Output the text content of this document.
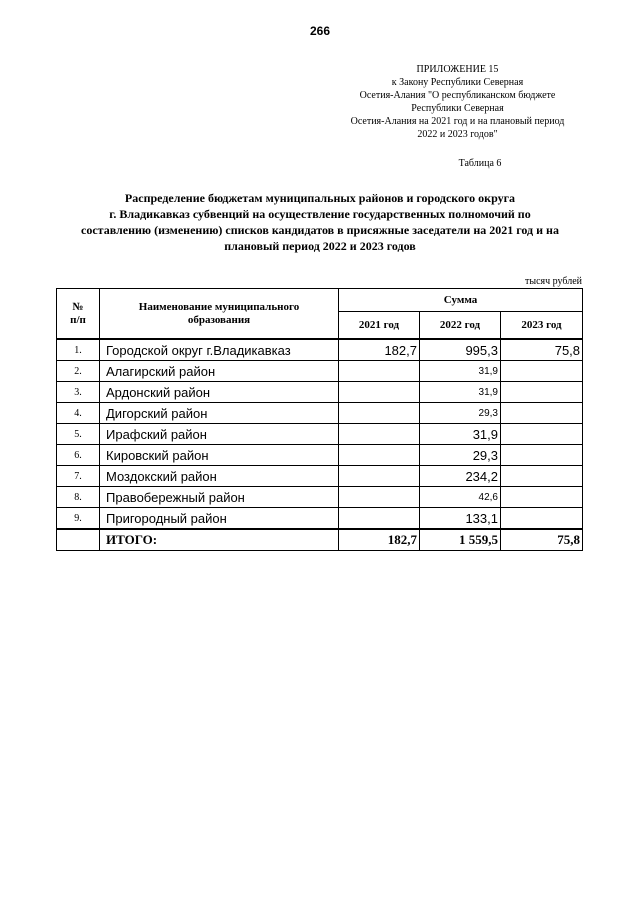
266
ПРИЛОЖЕНИЕ 15
к Закону Республики Северная
Осетия-Алания "О республиканском бюджете
Республики Северная
Осетия-Алания на 2021 год и на плановый период
2022 и 2023 годов"
Таблица 6
Распределение бюджетам муниципальных районов и городского округа
г. Владикавказ субвенций на осуществление государственных полномочий по
составлению (изменению) списков кандидатов в присяжные заседатели на 2021 год и на
плановый период 2022 и 2023 годов
тысяч рублей
№
п/п	Наименование муниципального
образования	Сумма		
		2021 год	2022 год	2023 год
1.	Городской округ г.Владикавказ	182,7	995,3	75,8
2.	Алагирский район		31,9	
3.	Ардонский район		31,9	
4.	Дигорский район		29,3	
5.	Ирафский район		31,9	
6.	Кировский район		29,3	
7.	Моздокский район		234,2	
8.	Правобережный район		42,6	
9.	Пригородный район		133,1	
	ИТОГО:	182,7	1 559,5	75,8
